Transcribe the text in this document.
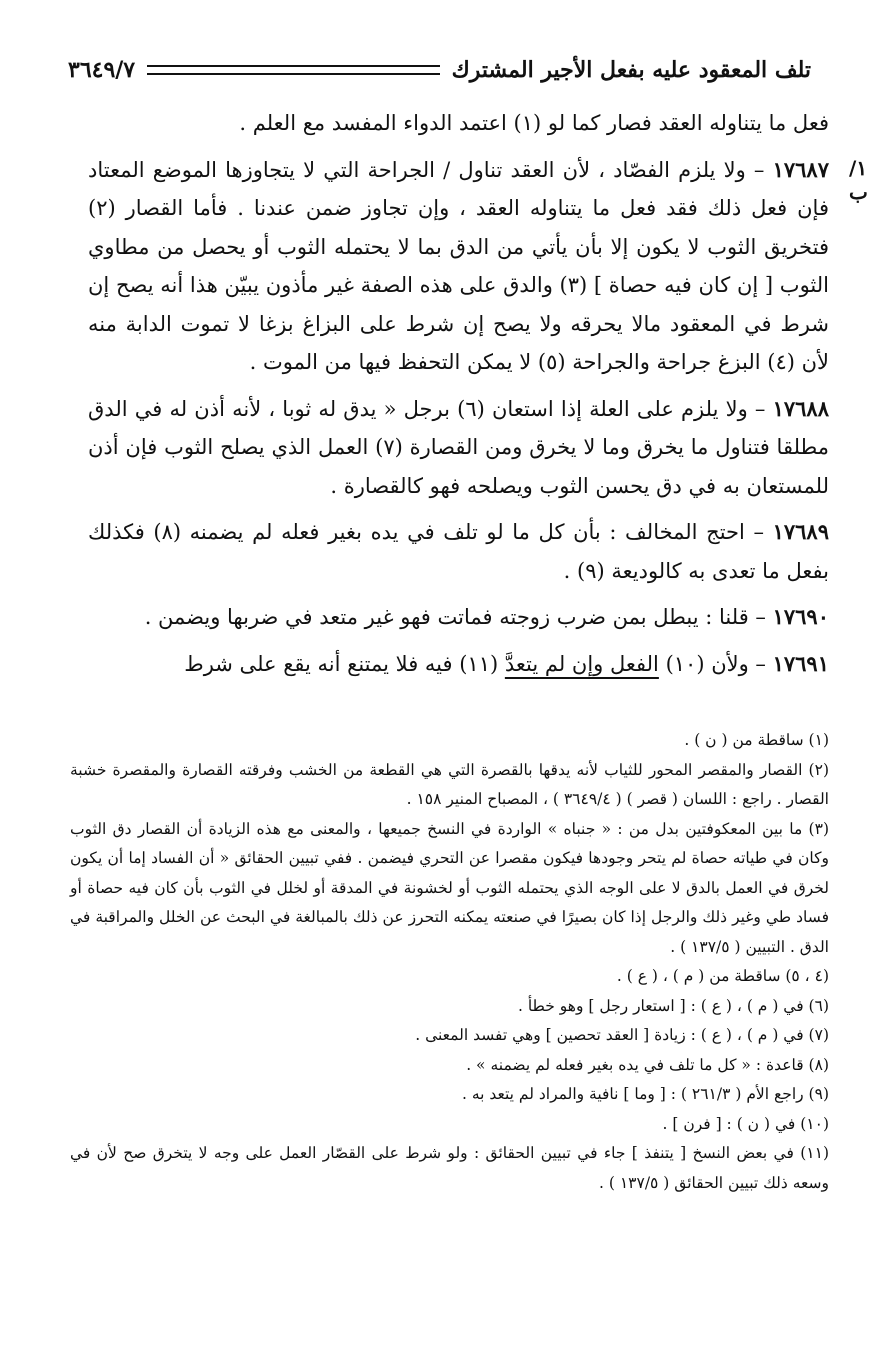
تلف المعقود عليه بفعل الأجير المشترك
٣٦٤٩/٧
١/ب

فعل ما يتناوله العقد فصار كما لو (١) اعتمد الدواء المفسد مع العلم .

١٧٦٨٧ – ولا يلزم الفصّاد ، لأن العقد تناول / الجراحة التي لا يتجاوزها الموضع المعتاد فإن فعل ذلك فقد فعل ما يتناوله العقد ، وإن تجاوز ضمن عندنا . فأما القصار (٢) فتخريق الثوب لا يكون إلا بأن يأتي من الدق بما لا يحتمله الثوب أو يحصل من مطاوي الثوب [ إن كان فيه حصاة ] (٣) والدق على هذه الصفة غير مأذون يبيّن هذا أنه يصح إن شرط في المعقود مالا يحرقه ولا يصح إن شرط على البزاغ بزغا لا تموت الدابة منه لأن (٤) البزغ جراحة والجراحة (٥) لا يمكن التحفظ فيها من الموت .

١٧٦٨٨ – ولا يلزم على العلة إذا استعان (٦) برجل « يدق له ثوبا ، لأنه أذن له في الدق مطلقا فتناول ما يخرق وما لا يخرق ومن القصارة (٧) العمل الذي يصلح الثوب فإن أذن للمستعان به في دق يحسن الثوب ويصلحه فهو كالقصارة .

١٧٦٨٩ – احتج المخالف : بأن كل ما لو تلف في يده بغير فعله لم يضمنه (٨) فكذلك بفعل ما تعدى به كالوديعة (٩) .

١٧٦٩٠ – قلنا : يبطل بمن ضرب زوجته فماتت فهو غير متعد في ضربها ويضمن .

١٧٦٩١ – ولأن (١٠) الفعل وإن لم يتعدَّ (١١) فيه فلا يمتنع أنه يقع على شرط

(١) ساقطة من ( ن ) .

(٢) القصار والمقصر المحور للثياب لأنه يدقها بالقصرة التي هي القطعة من الخشب وفرقته القصارة والمقصرة خشبة القصار . راجع : اللسان ( قصر ) ( ٣٦٤٩/٤ ) ، المصباح المنير ١٥٨ .

(٣) ما بين المعكوفتين بدل من : « جنباه » الواردة في النسخ جميعها ، والمعنى مع هذه الزيادة أن القصار دق الثوب وكان في طياته حصاة لم يتحر وجودها فيكون مقصرا عن التحري فيضمن . ففي تبيين الحقائق « أن الفساد إما أن يكون لخرق في العمل بالدق لا على الوجه الذي يحتمله الثوب أو لخشونة في المدقة أو لخلل في الثوب بأن كان فيه حصاة أو فساد طي وغير ذلك والرجل إذا كان بصيرًا في صنعته يمكنه التحرز عن ذلك بالمبالغة في البحث عن الخلل والمراقبة في الدق . التبيين ( ١٣٧/٥ ) .

(٤ ، ٥) ساقطة من ( م ) ، ( ع ) .

(٦) في ( م ) ، ( ع ) : [ استعار رجل ] وهو خطأ .

(٧) في ( م ) ، ( ع ) : زيادة [ العقد تحصين ] وهي تفسد المعنى .

(٨) قاعدة : « كل ما تلف في يده بغير فعله لم يضمنه » .

(٩) راجع الأم ( ٢٦١/٣ ) : [ وما ] نافية والمراد لم يتعد به .

(١٠) في ( ن ) : [ فرن ] .

(١١) في بعض النسخ [ يتنفذ ] جاء في تبيين الحقائق : ولو شرط على القصّار العمل على وجه لا يتخرق صح لأن في وسعه ذلك تبيين الحقائق ( ١٣٧/٥ ) .
